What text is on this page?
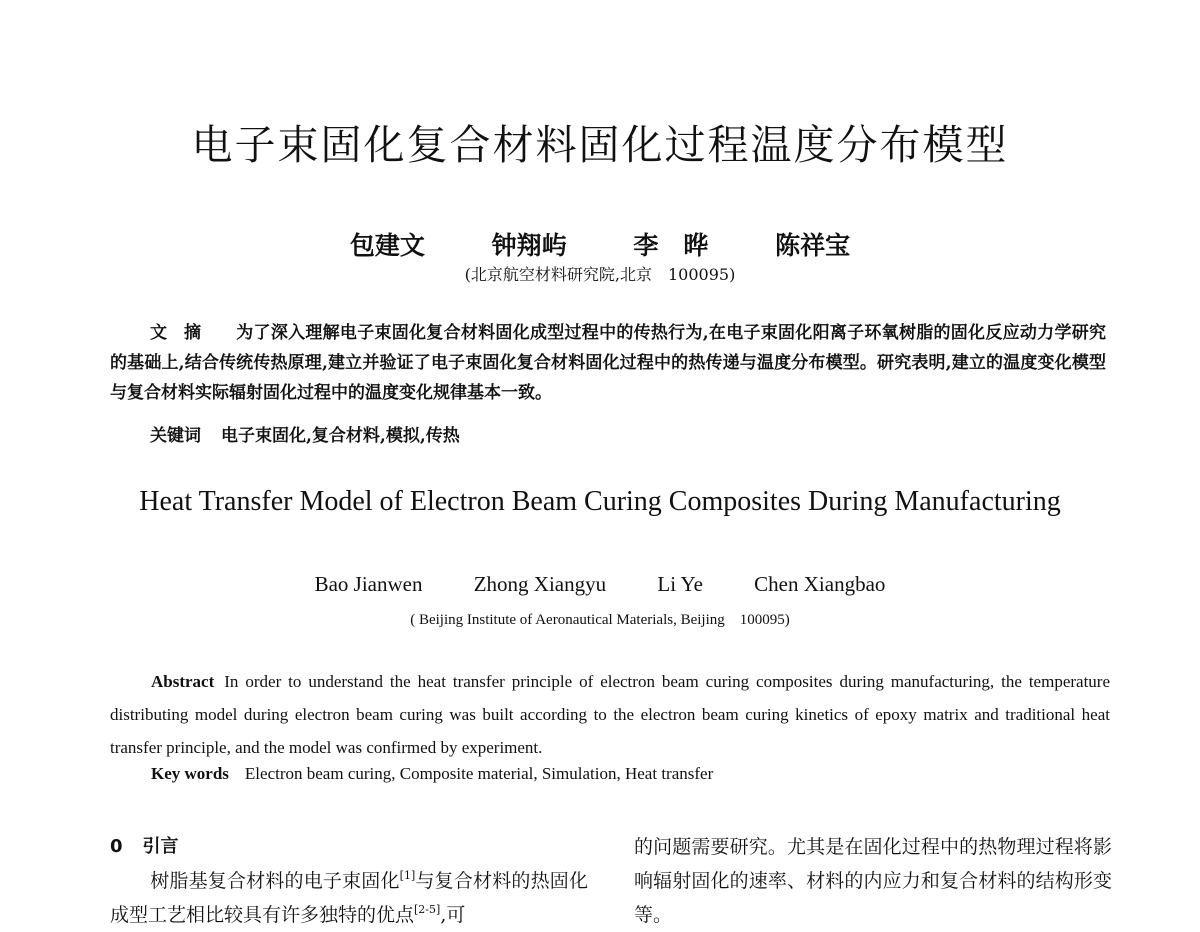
电子束固化复合材料固化过程温度分布模型
包建文	钟翔屿	李　晔	陈祥宝
(北京航空材料研究院,北京　100095)
文　摘 为了深入理解电子束固化复合材料固化成型过程中的传热行为,在电子束固化阳离子环氧树脂的固化反应动力学研究的基础上,结合传统传热原理,建立并验证了电子束固化复合材料固化过程中的热传递与温度分布模型。研究表明,建立的温度变化模型与复合材料实际辐射固化过程中的温度变化规律基本一致。
关键词 电子束固化,复合材料,模拟,传热
Heat Transfer Model of Electron Beam Curing Composites During Manufacturing
Bao Jianwen Zhong Xiangyu Li Ye Chen Xiangbao
( Beijing Institute of Aeronautical Materials, Beijing　100095)
Abstract In order to understand the heat transfer principle of electron beam curing composites during manufacturing, the temperature distributing model during electron beam curing was built according to the electron beam curing kinetics of epoxy matrix and traditional heat transfer principle, and the model was confirmed by experiment.
Key words Electron beam curing, Composite material, Simulation, Heat transfer
0 引言
树脂基复合材料的电子束固化[1]与复合材料的热固化成型工艺相比较具有许多独特的优点[2-5],可
的问题需要研究。尤其是在固化过程中的热物理过程将影响辐射固化的速率、材料的内应力和复合材料的结构形变等。
